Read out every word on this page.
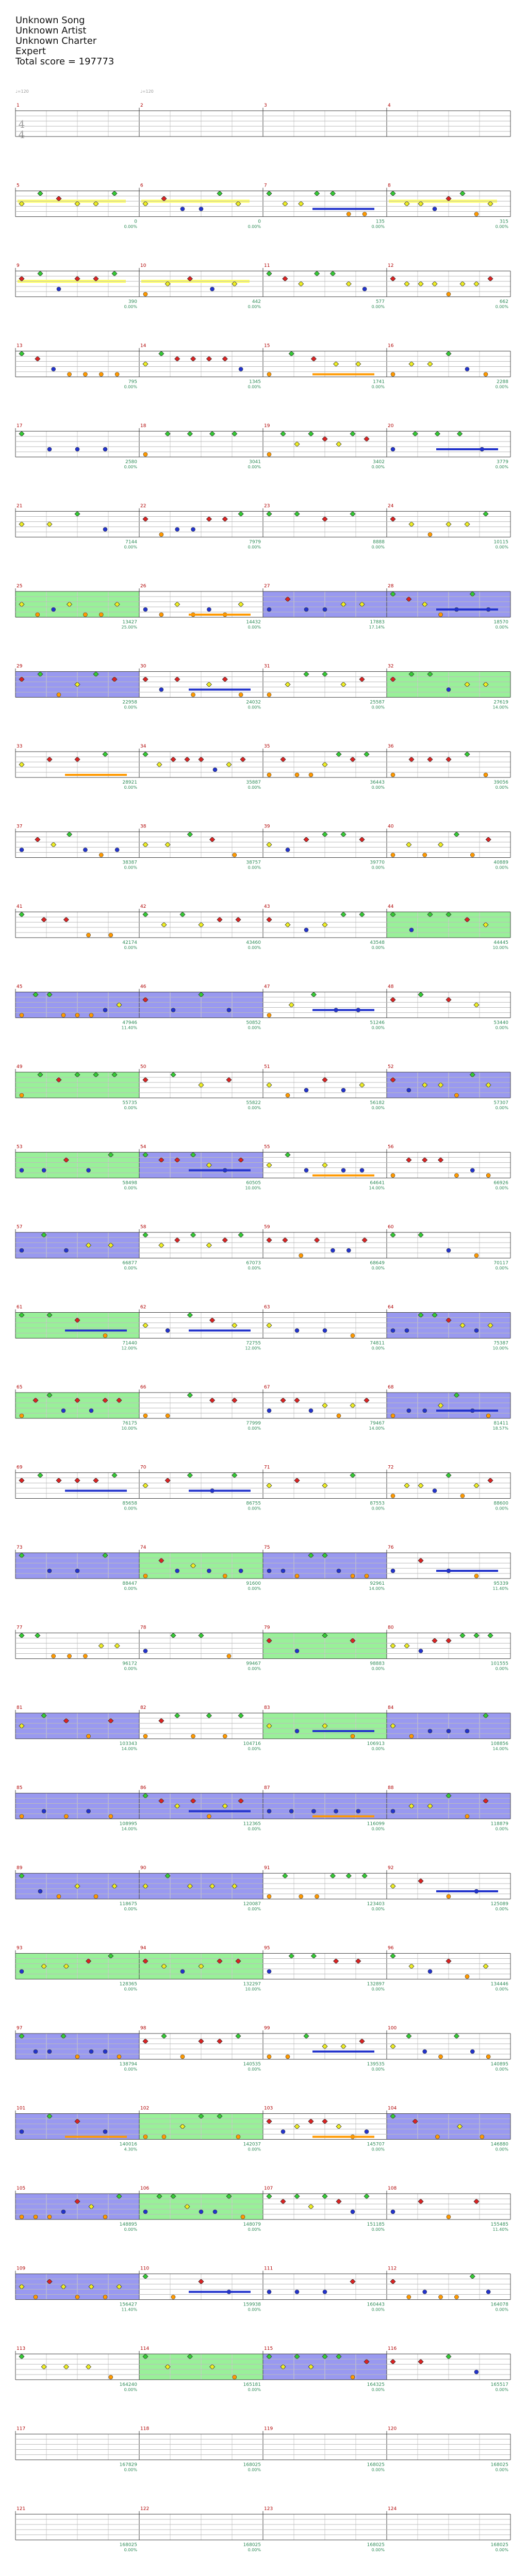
Unknown Song
Unknown Artist
Unknown Charter
Expert
Total score = 197773
♩=120	♩=120
4
4
1	2	3	4
5
0
0.00%
6
0
0.00%
7
135
0.00%
8
315
0.00%
9
390
0.00%
10
442
0.00%
11
577
0.00%
12
662
0.00%
13
795
0.00%
14
1345
0.00%
15
1741
0.00%
16
2288
0.00%
17
2580
0.00%
18
3041
0.00%
19
3402
0.00%
20
3779
0.00%
21
7144
0.00%
22
7979
0.00%
23
8888
0.00%
24
10115
0.00%
25
13427
25.00%
26
14432
0.00%
27
17883
17.14%
28
18570
0.00%
29
22958
0.00%
30
24032
0.00%
31
25587
0.00%
32
27619
14.00%
33
28921
0.00%
34
35887
0.00%
35
36443
0.00%
36
39056
0.00%
37
38387
0.00%
38
38757
0.00%
39
39770
0.00%
40
40889
0.00%
41
42174
0.00%
42
43460
0.00%
43
43548
0.00%
44
44445
10.00%
45
47946
11.40%
46
50852
0.00%
47
51246
0.00%
48
53440
0.00%
49
55735
0.00%
50
55822
0.00%
51
56182
0.00%
52
57307
0.00%
53
58498
0.00%
54
60505
10.00%
55
64641
14.00%
56
66926
0.00%
57
66877
0.00%
58
67073
0.00%
59
68649
0.00%
60
70117
0.00%
61
71440
12.00%
62
72755
12.00%
63
74811
0.00%
64
75387
10.00%
65
76175
10.00%
66
77999
0.00%
67
79467
14.00%
68
81411
18.57%
69
85658
0.00%
70
86755
0.00%
71
87553
0.00%
72
88600
0.00%
73
88447
0.00%
74
91600
0.00%
75
92961
14.00%
76
95339
11.40%
77
96172
0.00%
78
99467
0.00%
79
98883
0.00%
80
101555
0.00%
81
103343
14.00%
82
104716
0.00%
83
106913
0.00%
84
108856
14.00%
85
108995
14.00%
86
112365
0.00%
87
116099
0.00%
88
118879
0.00%
89
118675
0.00%
90
120087
0.00%
91
123403
0.00%
92
125089
0.00%
93
128365
0.00%
94
132297
10.00%
95
132897
0.00%
96
134446
0.00%
97
138794
0.00%
98
140535
0.00%
99
139535
0.00%
100
140895
0.00%
101
140016
4.30%
102
142037
0.00%
103
145707
0.00%
104
146880
0.00%
105
148895
0.00%
106
148079
0.00%
107
151185
0.00%
108
155485
11.40%
109
156427
11.40%
110
159938
0.00%
111
160443
0.00%
112
164078
0.00%
113
164240
0.00%
114
165181
0.00%
115
164325
0.00%
116
165517
0.00%
117
167829
0.00%
118
168025
0.00%
119
168025
0.00%
120
168025
0.00%
121
168025
0.00%
122
168025
0.00%
123
168025
0.00%
124
168025
0.00%
